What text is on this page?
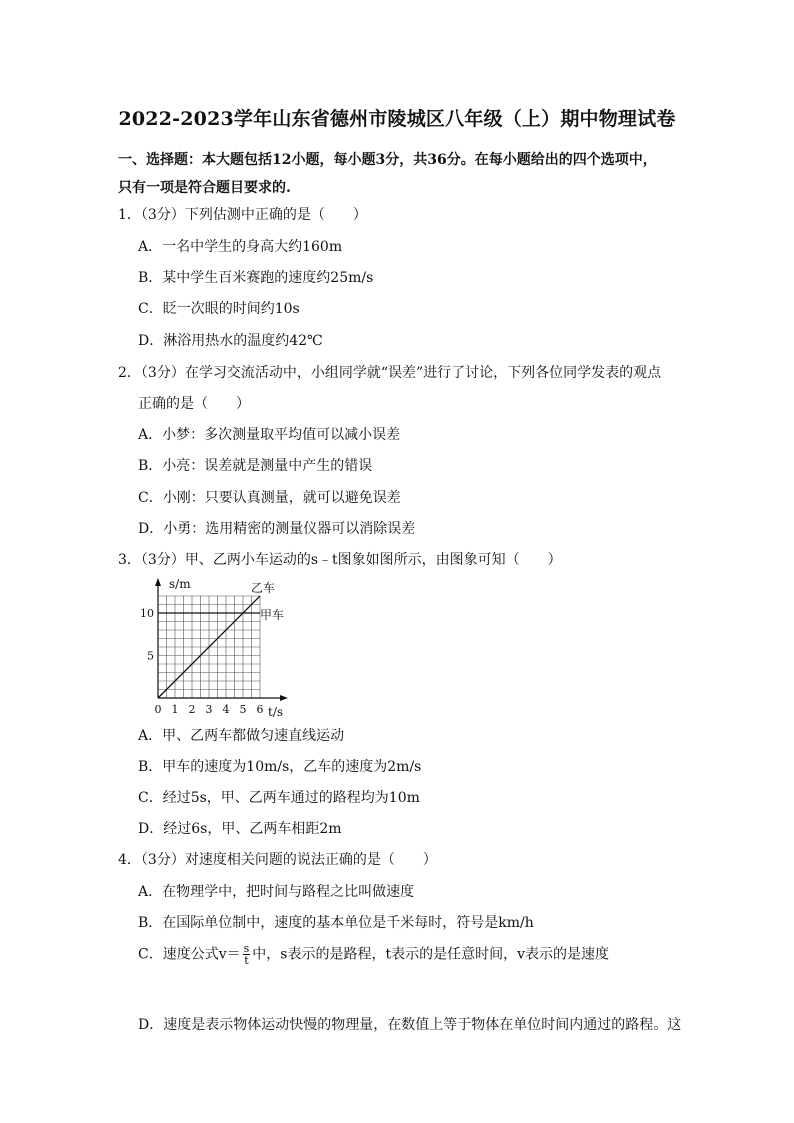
2022-2023学年山东省德州市陵城区八年级（上）期中物理试卷
一、选择题：本大题包括12小题，每小题3分，共36分。在每小题给出的四个选项中，
只有一项是符合题目要求的.
1．（3分）下列估测中正确的是（　　）
A．一名中学生的身高大约160m
B．某中学生百米赛跑的速度约25m/s
C．眨一次眼的时间约10s
D．淋浴用热水的温度约42℃
2．（3分）在学习交流活动中，小组同学就“误差”进行了讨论，下列各位同学发表的观点
正确的是（　　）
A．小梦：多次测量取平均值可以减小误差
B．小亮：误差就是测量中产生的错误
C．小刚：只要认真测量，就可以避免误差
D．小勇：选用精密的测量仪器可以消除误差
3．（3分）甲、乙两小车运动的s﹣t图象如图所示，由图象可知（　　）
0 1 2 3 4 5 6
5
10
s/m
t/s
乙车
甲车
A．甲、乙两车都做匀速直线运动
B．甲车的速度为10m/s，乙车的速度为2m/s
C．经过5s，甲、乙两车通过的路程均为10m
D．经过6s，甲、乙两车相距2m
4．（3分）对速度相关问题的说法正确的是（　　）
A．在物理学中，把时间与路程之比叫做速度
B．在国际单位制中，速度的基本单位是千米每时，符号是km/h
C．速度公式$v= \frac{s}{t}$ 中，s表示的是路程，t表示的是任意时间，v表示的是速度
D．速度是表示物体运动快慢的物理量，在数值上等于物体在单位时间内通过的路程。这
